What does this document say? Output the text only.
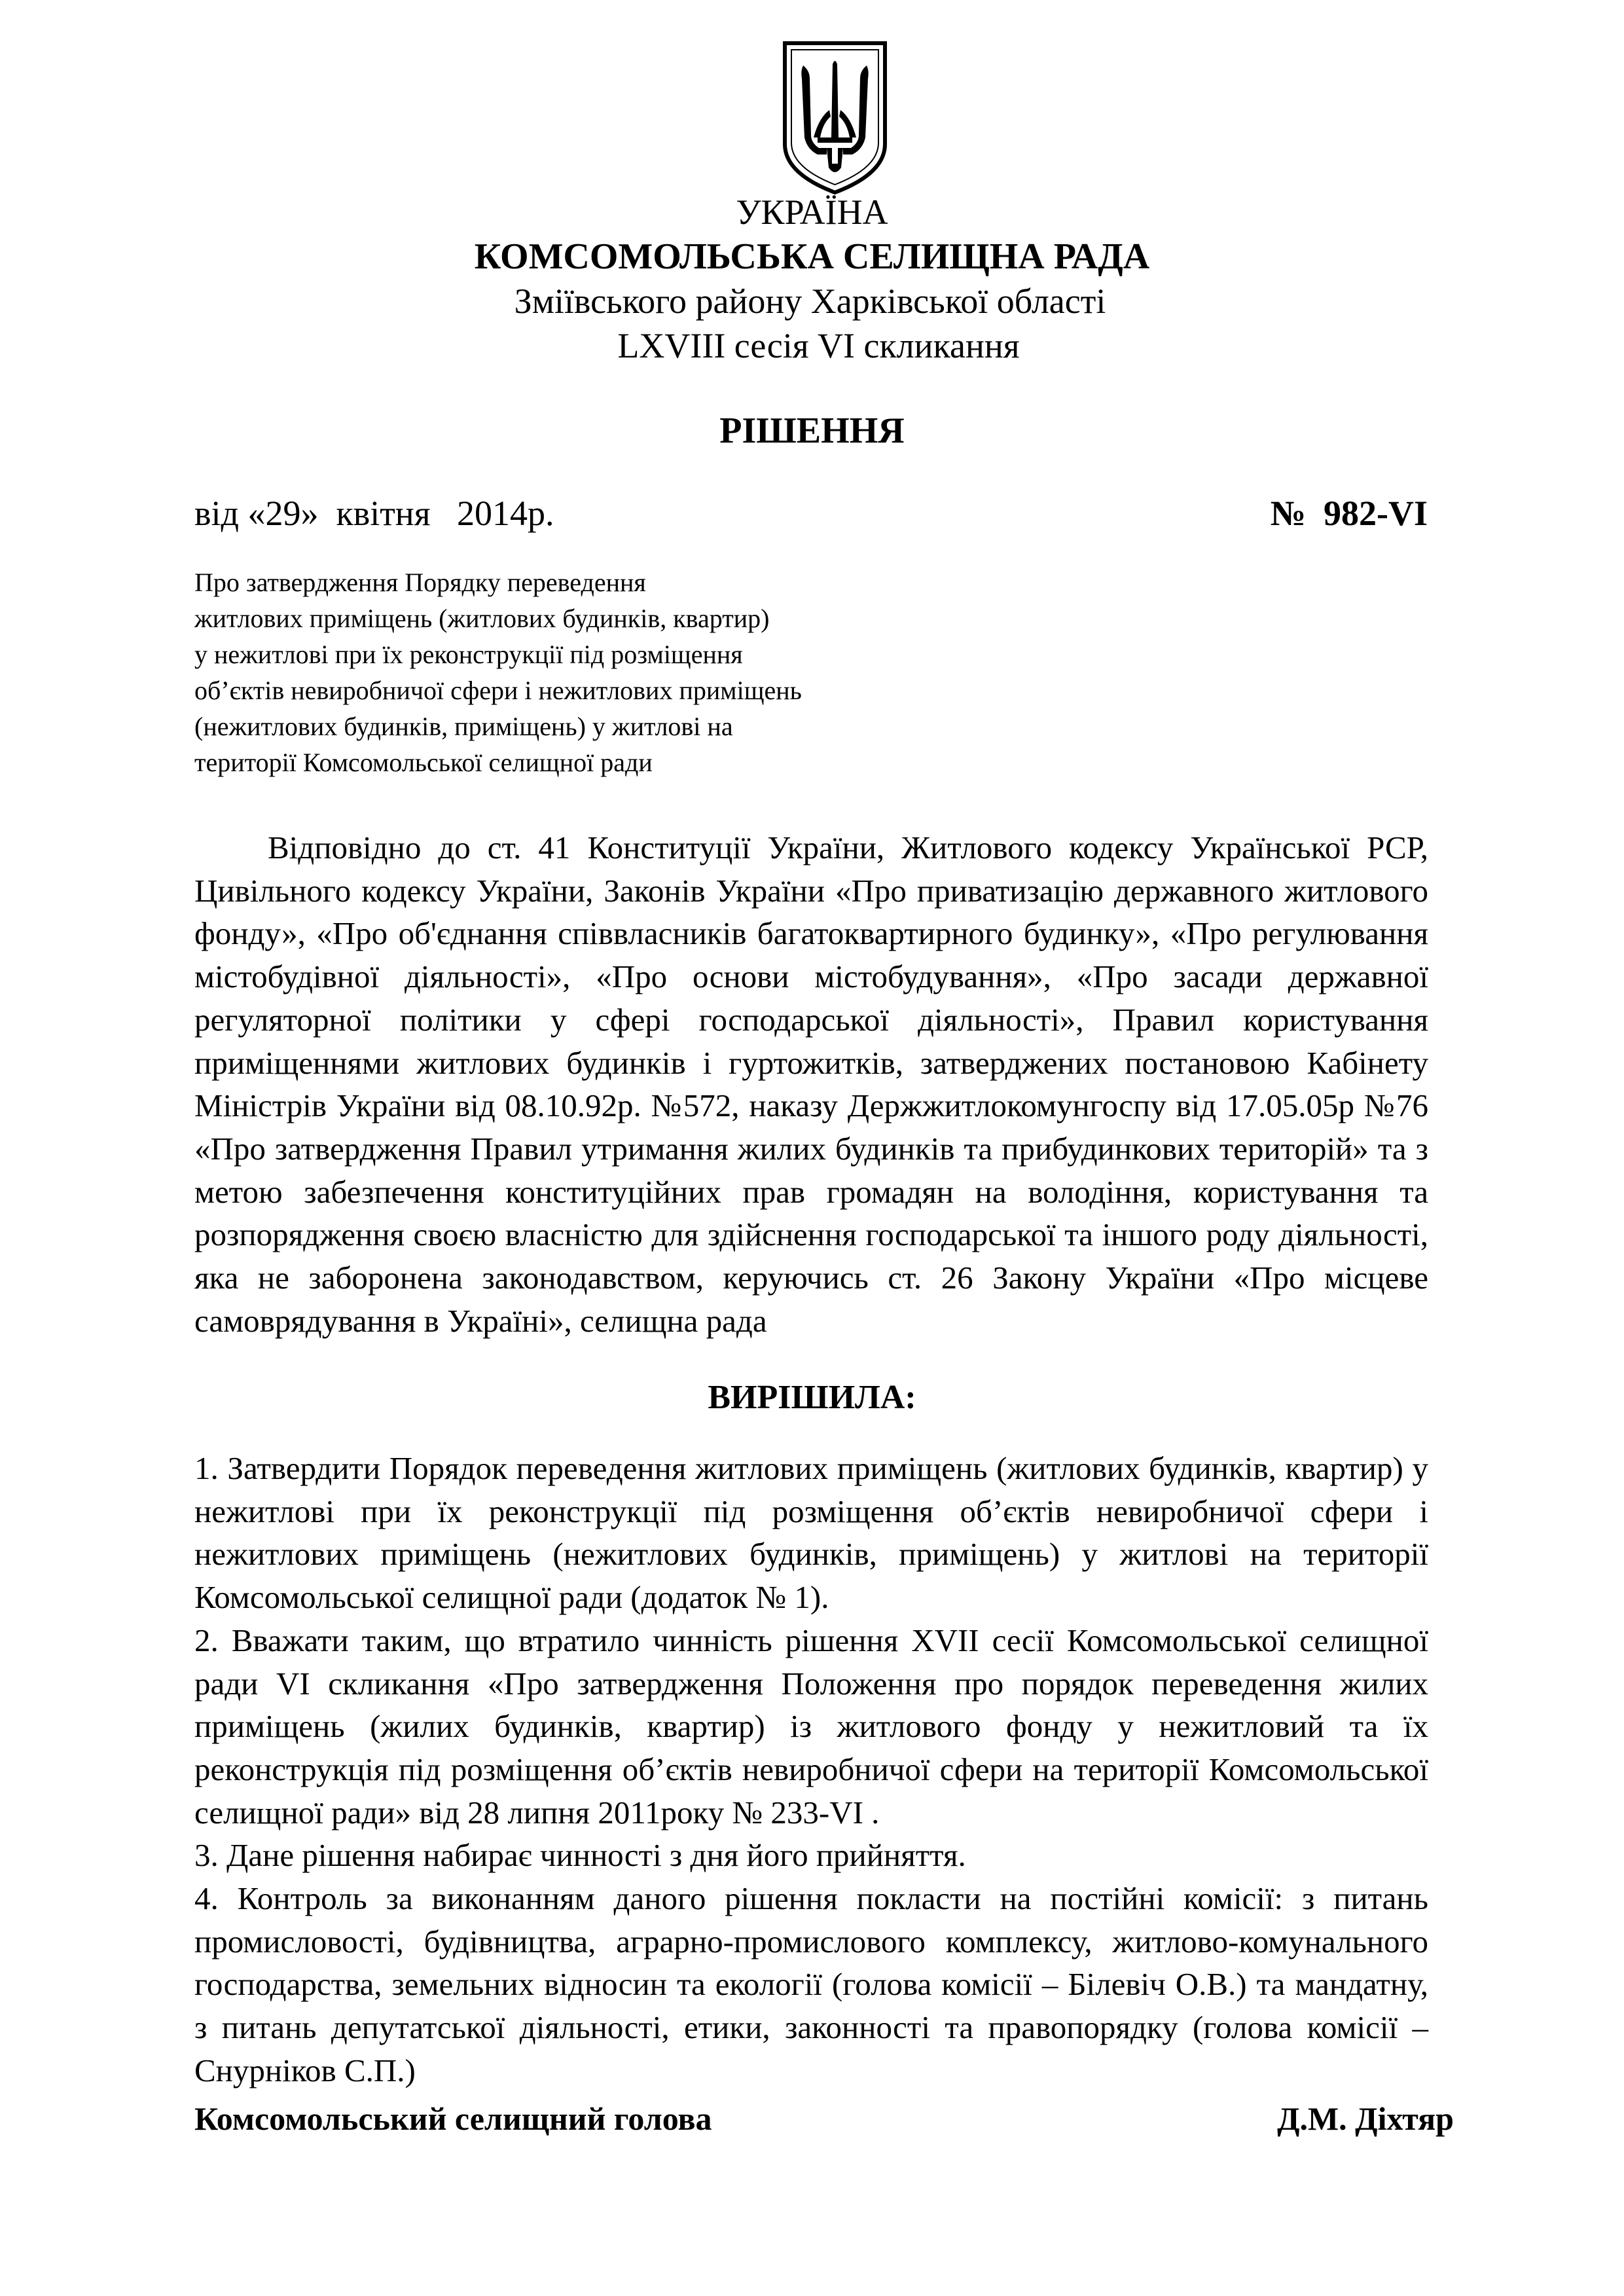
УКРАЇНА
КОМСОМОЛЬСЬКА СЕЛИЩНА РАДА
Зміївського району Харківської області
LXVIII сесія VI скликання
РІШЕННЯ
від «29»  квітня   2014р.	№  982-VI
Про затвердження Порядку переведення
житлових приміщень (житлових будинків, квартир)
у нежитлові при їх реконструкції під розміщення
об’єктів невиробничої сфери і нежитлових приміщень
(нежитлових будинків, приміщень) у житлові на
території Комсомольської селищної ради
Відповідно до ст. 41 Конституції України, Житлового кодексу Української РСР, Цивільного кодексу України, Законів України «Про приватизацію державного житлового фонду», «Про об'єднання співвласників багатоквартирного будинку», «Про регулювання містобудівної діяльності», «Про основи містобудування», «Про засади державної регуляторної політики у сфері господарської діяльності», Правил користування приміщеннями житлових будинків і гуртожитків, затверджених постановою Кабінету Міністрів України від 08.10.92р. №572, наказу Держжитлокомунгоспу від 17.05.05р №76 «Про затвердження Правил утримання жилих будинків та прибудинкових територій» та з метою забезпечення конституційних прав громадян на володіння, користування та розпорядження своєю власністю для здійснення господарської та іншого роду діяльності, яка не заборонена законодавством, керуючись ст. 26 Закону України «Про місцеве самоврядування в Україні», селищна рада
ВИРІШИЛА:

1. Затвердити Порядок переведення житлових приміщень (житлових будинків, квартир) у нежитлові при їх реконструкції під розміщення об’єктів невиробничої сфери і нежитлових приміщень (нежитлових будинків, приміщень) у житлові на території Комсомольської селищної ради (додаток № 1).

2. Вважати таким, що втратило чинність рішення XVII сесії Комсомольської селищної ради VI скликання «Про затвердження Положення про порядок переведення жилих приміщень (жилих будинків, квартир) із житлового фонду у нежитловий та їх реконструкція під розміщення об’єктів невиробничої сфери на території Комсомольської селищної ради» від 28 липня 2011року № 233-VI .

3. Дане рішення набирає чинності з дня його прийняття.

4. Контроль за виконанням даного рішення покласти на постійні комісії: з питань промисловості, будівництва, аграрно-промислового комплексу, житлово-комунального господарства, земельних відносин та екології (голова комісії – Білевіч О.В.) та мандатну, з питань депутатської діяльності, етики, законності та правопорядку (голова комісії – Снурніков С.П.)

Комсомольський селищний голова	Д.М. Діхтяр
